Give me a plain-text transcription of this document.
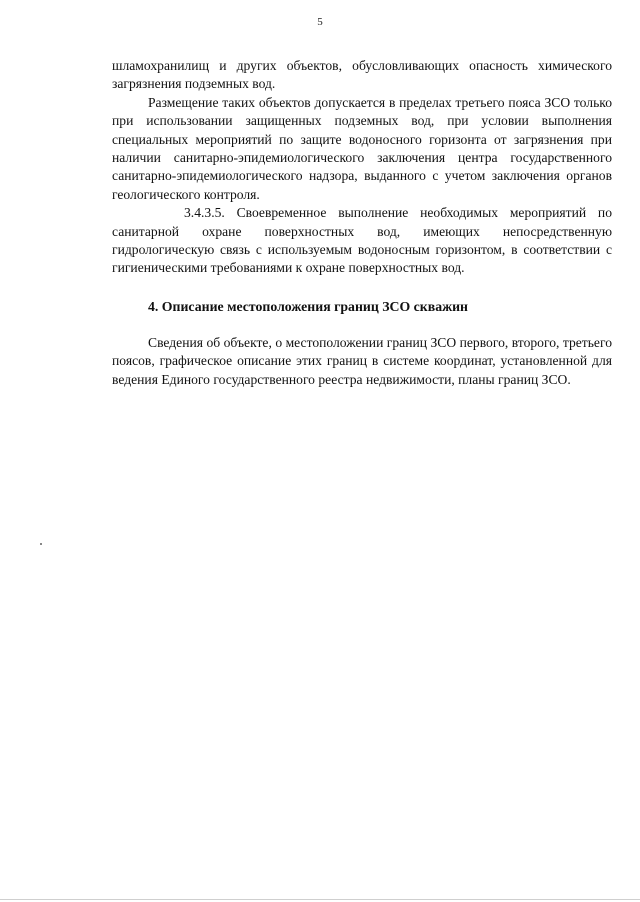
5

шламохранилищ и других объектов, обусловливающих опасность химического загрязнения подземных вод.

Размещение таких объектов допускается в пределах третьего пояса ЗСО только при использовании защищенных подземных вод, при условии выполнения специальных мероприятий по защите водоносного горизонта от загрязнения при наличии санитарно-эпидемиологического заключения центра государственного санитарно-эпидемиологического надзора, выданного с учетом заключения органов геологического контроля.

3.4.3.5. Своевременное выполнение необходимых мероприятий по санитарной охране поверхностных вод, имеющих непосредственную гидрологическую связь с используемым водоносным горизонтом, в соответствии с гигиеническими требованиями к охране поверхностных вод.

4. Описание местоположения границ ЗСО скважин

Сведения об объекте, о местоположении границ ЗСО первого, второго, третьего поясов, графическое описание этих границ в системе координат, установленной для ведения Единого государственного реестра недвижимости, планы границ ЗСО.
